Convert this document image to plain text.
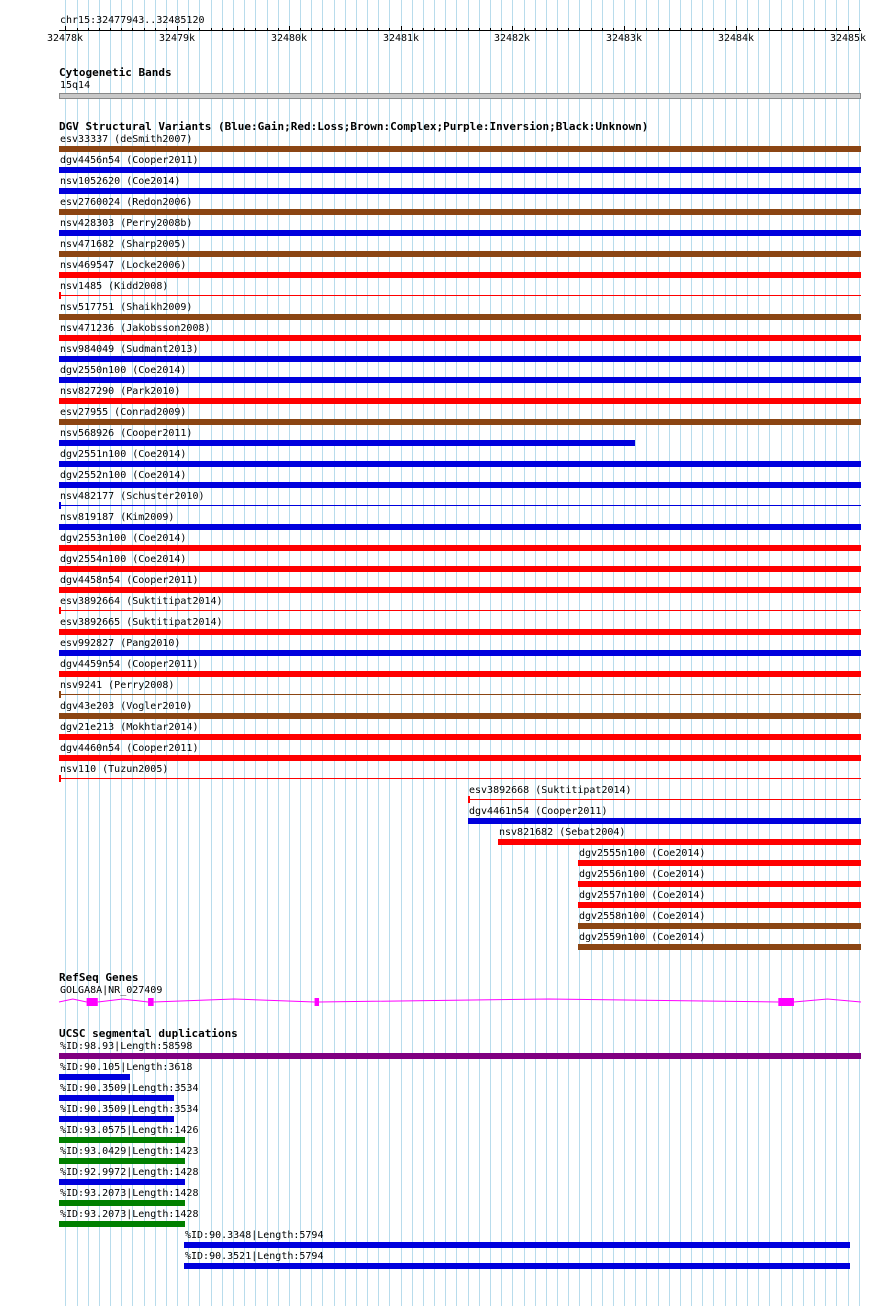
chr15:32477943..32485120
32478k	32479k	32480k	32481k	32482k	32483k	32484k	32485k
Cytogenetic Bands
15q14
DGV Structural Variants (Blue:Gain;Red:Loss;Brown:Complex;Purple:Inversion;Black:Unknown)
esv33337 (deSmith2007)
dgv4456n54 (Cooper2011)
nsv1052620 (Coe2014)
esv2760024 (Redon2006)
nsv428303 (Perry2008b)
nsv471682 (Sharp2005)
nsv469547 (Locke2006)
nsv1485 (Kidd2008)
nsv517751 (Shaikh2009)
nsv471236 (Jakobsson2008)
nsv984049 (Sudmant2013)
dgv2550n100 (Coe2014)
nsv827290 (Park2010)
esv27955 (Conrad2009)
nsv568926 (Cooper2011)
dgv2551n100 (Coe2014)
dgv2552n100 (Coe2014)
nsv482177 (Schuster2010)
nsv819187 (Kim2009)
dgv2553n100 (Coe2014)
dgv2554n100 (Coe2014)
dgv4458n54 (Cooper2011)
esv3892664 (Suktitipat2014)
esv3892665 (Suktitipat2014)
esv992827 (Pang2010)
dgv4459n54 (Cooper2011)
nsv9241 (Perry2008)
dgv43e203 (Vogler2010)
dgv21e213 (Mokhtar2014)
dgv4460n54 (Cooper2011)
nsv110 (Tuzun2005)
esv3892668 (Suktitipat2014)
dgv4461n54 (Cooper2011)
nsv821682 (Sebat2004)
dgv2555n100 (Coe2014)
dgv2556n100 (Coe2014)
dgv2557n100 (Coe2014)
dgv2558n100 (Coe2014)
dgv2559n100 (Coe2014)
RefSeq Genes
GOLGA8A|NR_027409
UCSC segmental duplications
%ID:98.93|Length:58598
%ID:90.105|Length:3618
%ID:90.3509|Length:3534
%ID:90.3509|Length:3534
%ID:93.0575|Length:1426
%ID:93.0429|Length:1423
%ID:92.9972|Length:1428
%ID:93.2073|Length:1428
%ID:93.2073|Length:1428
%ID:90.3348|Length:5794
%ID:90.3521|Length:5794
